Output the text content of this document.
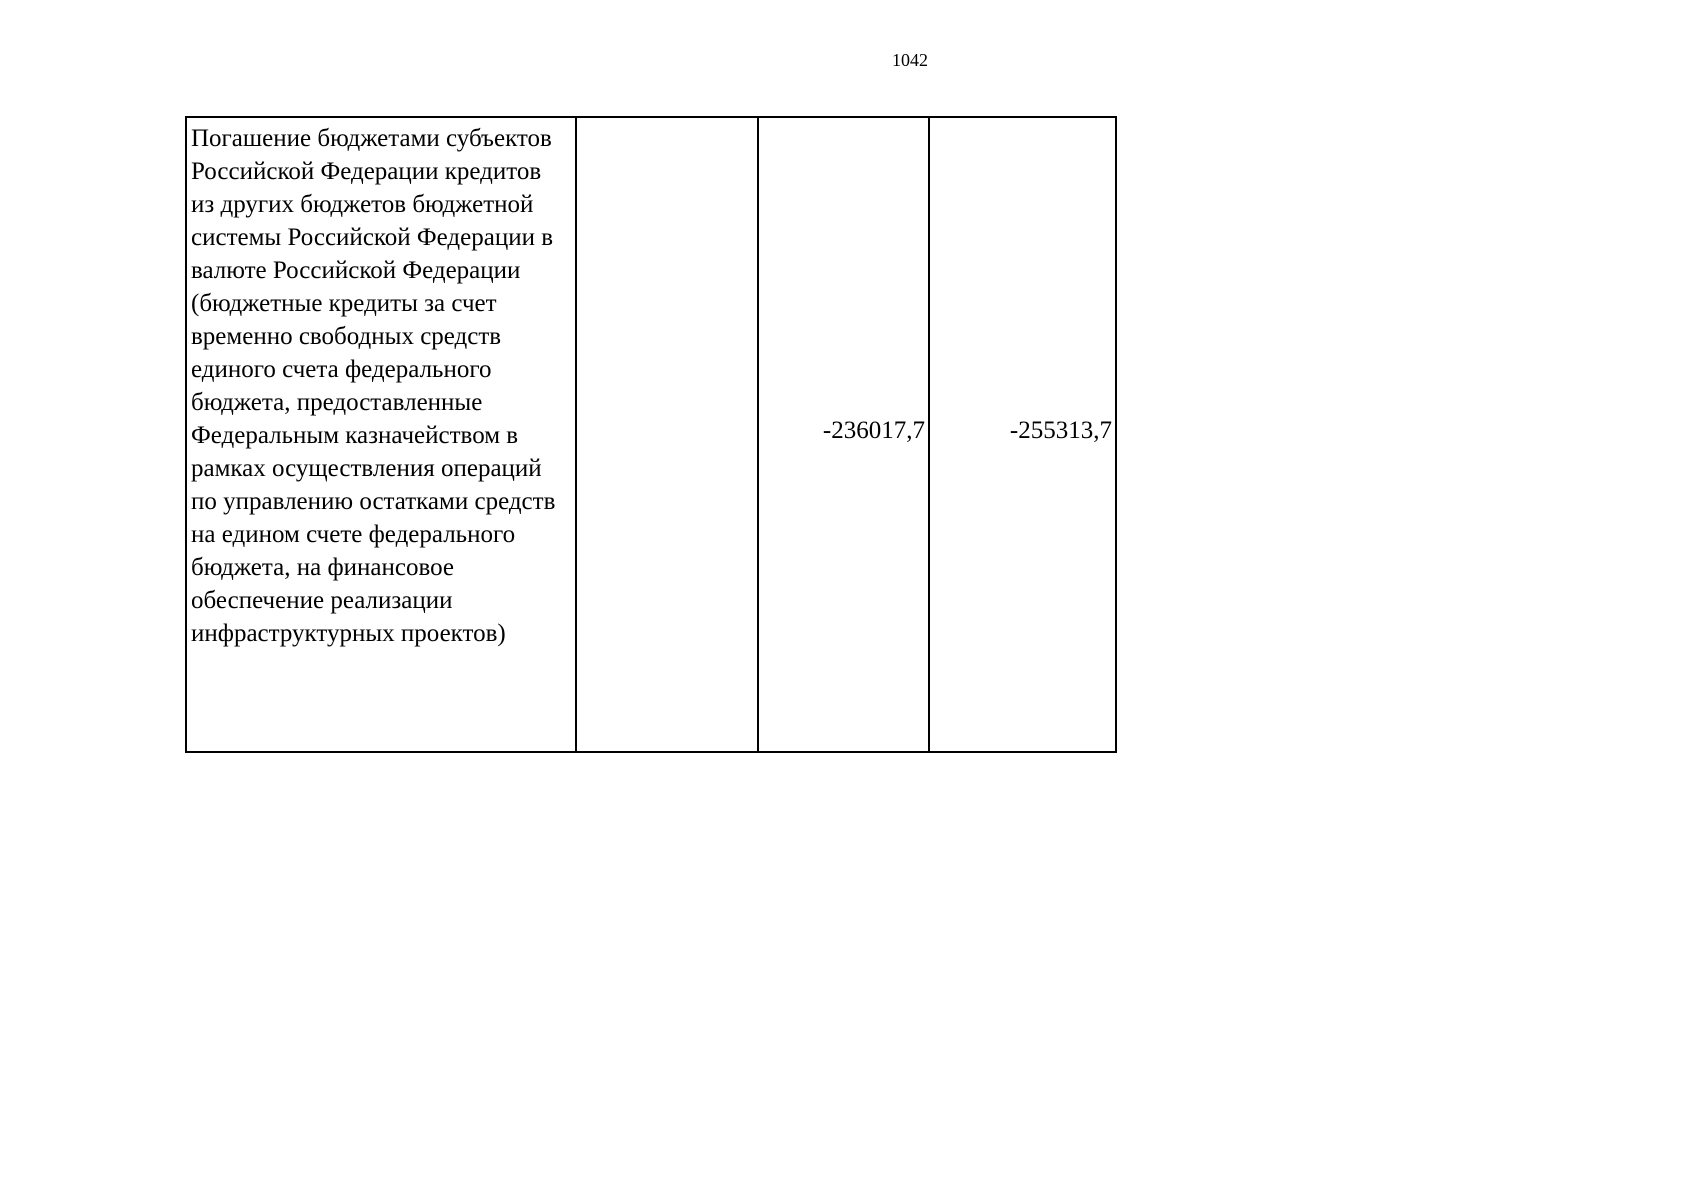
1042
Погашение бюджетами субъектов
Российской Федерации кредитов
из других бюджетов бюджетной
системы Российской Федерации в
валюте Российской Федерации
(бюджетные кредиты за счет
временно свободных средств
единого счета федерального
бюджета, предоставленные
Федеральным казначейством в
рамках осуществления операций
по управлению остатками средств
на едином счете федерального
бюджета, на финансовое
обеспечение реализации
инфраструктурных проектов)
		-236017,7	-255313,7
